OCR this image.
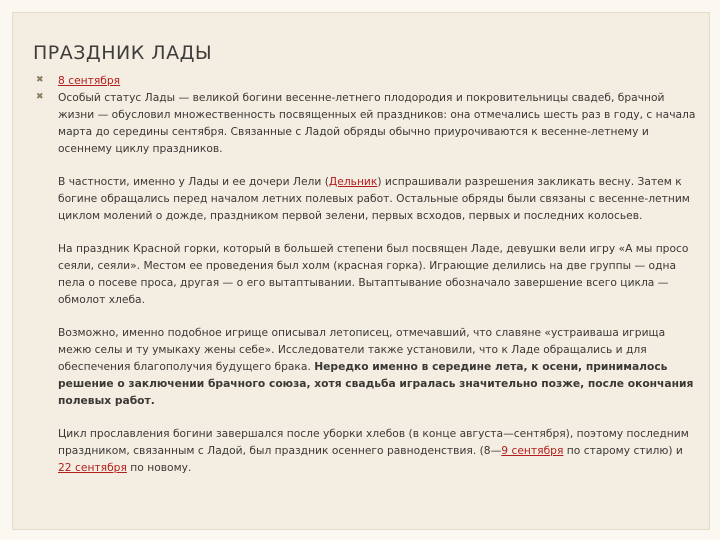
ПРАЗДНИК ЛАДЫ
✖ 8 сентября

✖ Особый статус Лады — великой богини весенне-летнего плодородия и покровительницы свадеб, брачной жизни — обусловил множественность посвященных ей праздников: она отмечались шесть раз в году, с начала марта до середины сентября. Связанные с Ладой обряды обычно приурочиваются к весенне-летнему и осеннему циклу праздников.

В частности, именно у Лады и ее дочери Лели (Дельник) испрашивали разрешения закликать весну. Затем к богине обращались перед началом летних полевых работ. Остальные обряды были связаны с весенне-летним циклом молений о дожде, праздником первой зелени, первых всходов, первых и последних колосьев.

На праздник Красной горки, который в большей степени был посвящен Ладе, девушки вели игру «А мы просо сеяли, сеяли». Местом ее проведения был холм (красная горка). Играющие делились на две группы — одна пела о посеве проса, другая — о его вытаптывании. Вытаптывание обозначало завершение всего цикла — обмолот хлеба.

Возможно, именно подобное игрище описывал летописец, отмечавший, что славяне «устраиваша игрища межю селы и ту умыкаху жены себе». Исследователи также установили, что к Ладе обращались и для обеспечения благополучия будущего брака. Нередко именно в середине лета, к осени, принималось решение о заключении брачного союза, хотя свадьба игралась значительно позже, после окончания полевых работ.

Цикл прославления богини завершался после уборки хлебов (в конце августа—сентября), поэтому последним праздником, связанным с Ладой, был праздник осеннего равноденствия. (8—9 сентября по старому стилю) и 22 сентября по новому.
